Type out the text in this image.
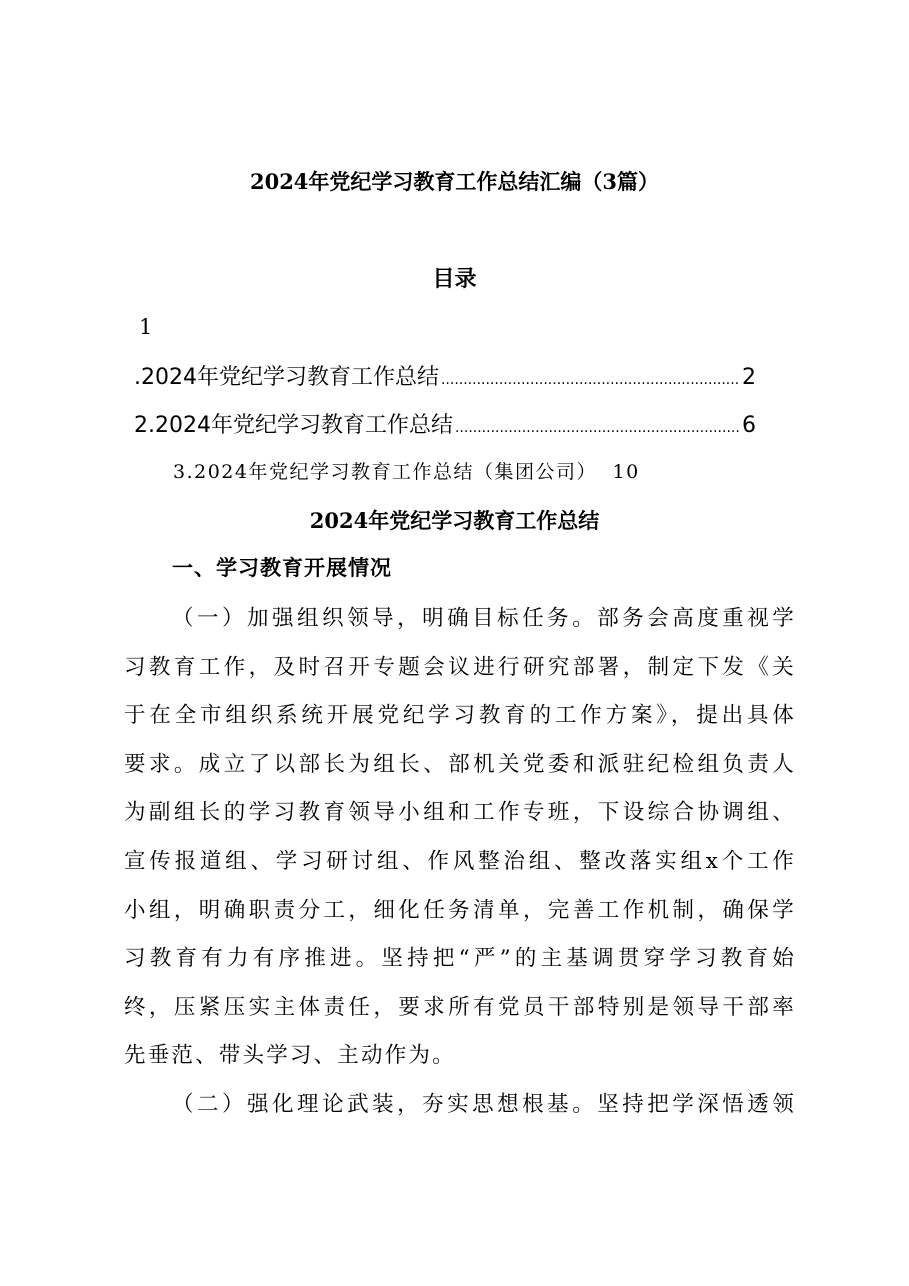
2024年党纪学习教育工作总结汇编（3篇）
目录
1
.2024年党纪学习教育工作总结 .....	2
2.2024年党纪学习教育工作总结 .....	6
3.2024年党纪学习教育工作总结（集团公司） 10
2024年党纪学习教育工作总结
一、学习教育开展情况
（一）加强组织领导，明确目标任务。部务会高度重视学
习教育工作，及时召开专题会议进行研究部署，制定下发《关
于在全市组织系统开展党纪学习教育的工作方案》，提出具体
要求。成立了以部长为组长、部机关党委和派驻纪检组负责人
为副组长的学习教育领导小组和工作专班，下设综合协调组、
宣传报道组、学习研讨组、作风整治组、整改落实组x个工作
小组，明确职责分工，细化任务清单，完善工作机制，确保学
习教育有力有序推进。坚持把“严”的主基调贯穿学习教育始
终，压紧压实主体责任，要求所有党员干部特别是领导干部率
先垂范、带头学习、主动作为。
（二）强化理论武装，夯实思想根基。坚持把学深悟透领
